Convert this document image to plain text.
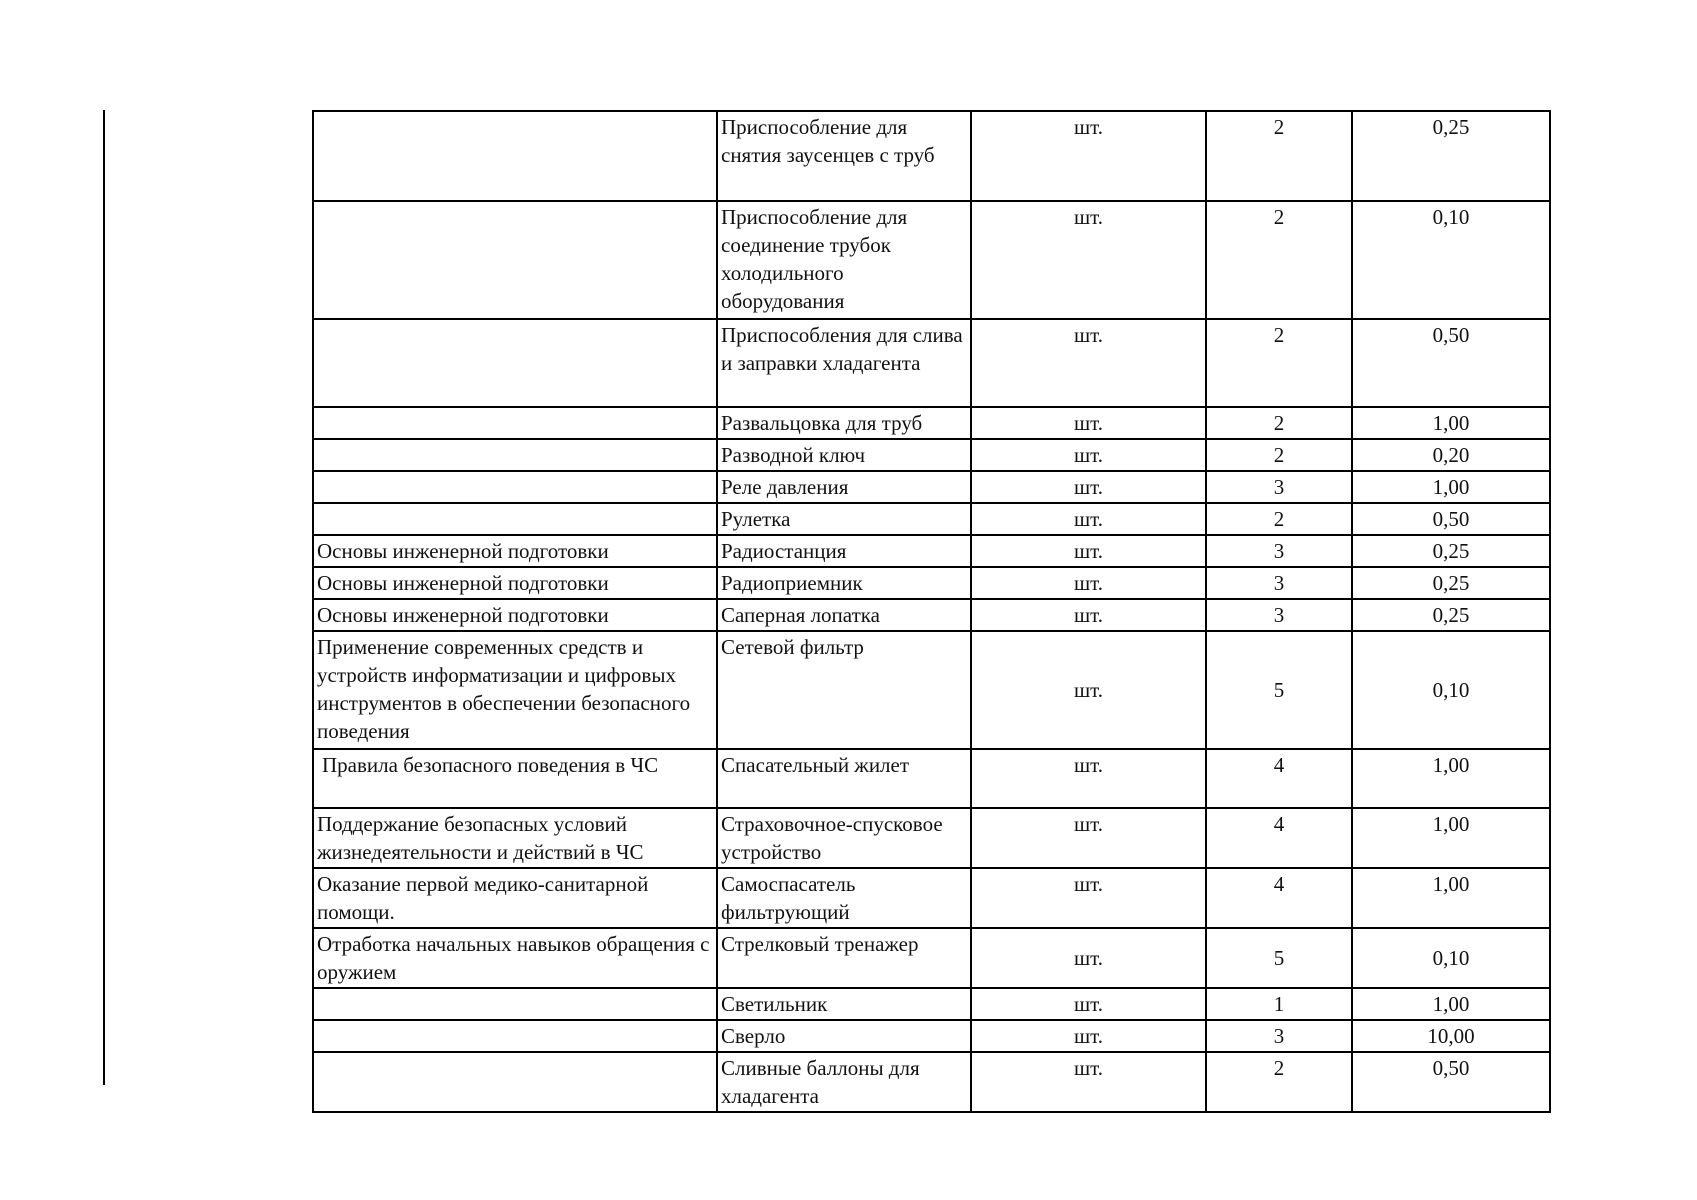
	Приспособление для снятия заусенцев с труб	шт.	2	0,25
	Приспособление для соединение трубок холодильного оборудования	шт.	2	0,10
	Приспособления для слива и заправки хладагента	шт.	2	0,50
	Развальцовка для труб	шт.	2	1,00
	Разводной ключ	шт.	2	0,20
	Реле давления	шт.	3	1,00
	Рулетка	шт.	2	0,50
Основы инженерной подготовки	Радиостанция	шт.	3	0,25
Основы инженерной подготовки	Радиоприемник	шт.	3	0,25
Основы инженерной подготовки	Саперная лопатка	шт.	3	0,25
Применение современных средств и устройств информатизации и цифровых инструментов в обеспечении безопасного поведения	Сетевой фильтр	шт.	5	0,10
Правила безопасного поведения в ЧС	Спасательный жилет	шт.	4	1,00
Поддержание безопасных условий жизнедеятельности и действий в ЧС	Страховочное-спусковое устройство	шт.	4	1,00
Оказание первой медико-санитарной помощи.	Самоспасатель фильтрующий	шт.	4	1,00
Отработка начальных навыков обращения с оружием	Стрелковый тренажер	шт.	5	0,10
	Светильник	шт.	1	1,00
	Сверло	шт.	3	10,00
	Сливные баллоны для хладагента	шт.	2	0,50
